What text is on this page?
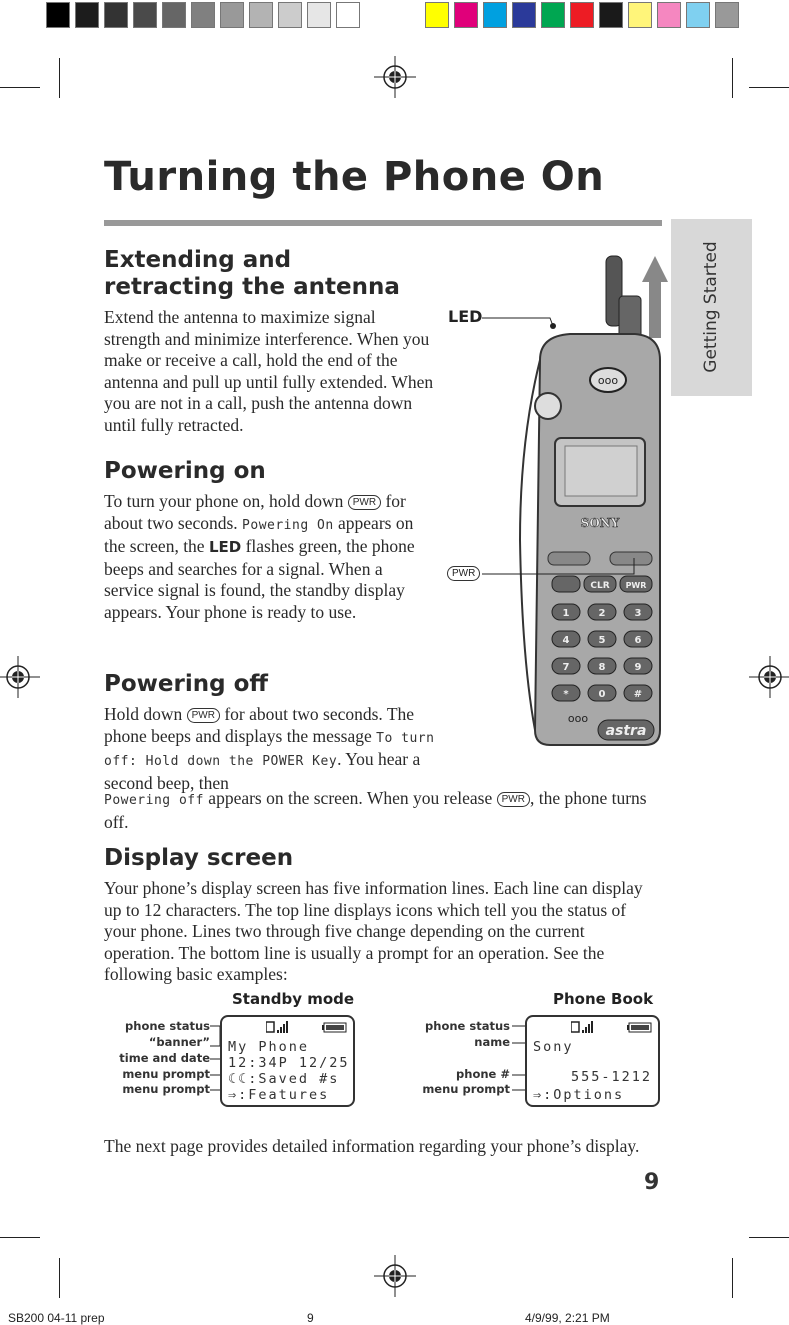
Turning the Phone On
Getting Started
Extending and retracting the antenna
Extend the antenna to maximize signal strength and minimize interference. When you make or receive a call, hold the end of the antenna and pull up until fully extended. When you are not in a call, push the antenna down until fully retracted.
Powering on
To turn your phone on, hold down PWR for about two seconds. Powering On appears on the screen, the LED flashes green, the phone beeps and searches for a signal. When a service signal is found, the standby display appears. Your phone is ready to use.
Powering off
Hold down PWR for about two seconds. The phone beeps and displays the message To turn off: Hold down the POWER Key. You hear a second beep, then
Powering off appears on the screen. When you release PWR , the phone turns off.
ooo
SONY
CLR PWR
1	2	3
4	5	6
7	8	9
*	0	#
ooo
astra
LED
PWR
Display screen
Your phone’s display screen has five information lines. Each line can display up to 12 characters. The top line displays icons which tell you the status of your phone. Lines two through five change depending on the current operation. The bottom line is usually a prompt for an operation. See the following basic examples:
Standby mode
phone status
“banner”
time and date
menu prompt
menu prompt
My Phone
12:34P 12/25
☾☾:Saved #s
⇒:Features
Phone Book
phone status
name
phone #
menu prompt
Sony
555-1212
⇒:Options
The next page provides detailed information regarding your phone’s display.
9
SB200 04-11 prep	9	4/9/99, 2:21 PM
